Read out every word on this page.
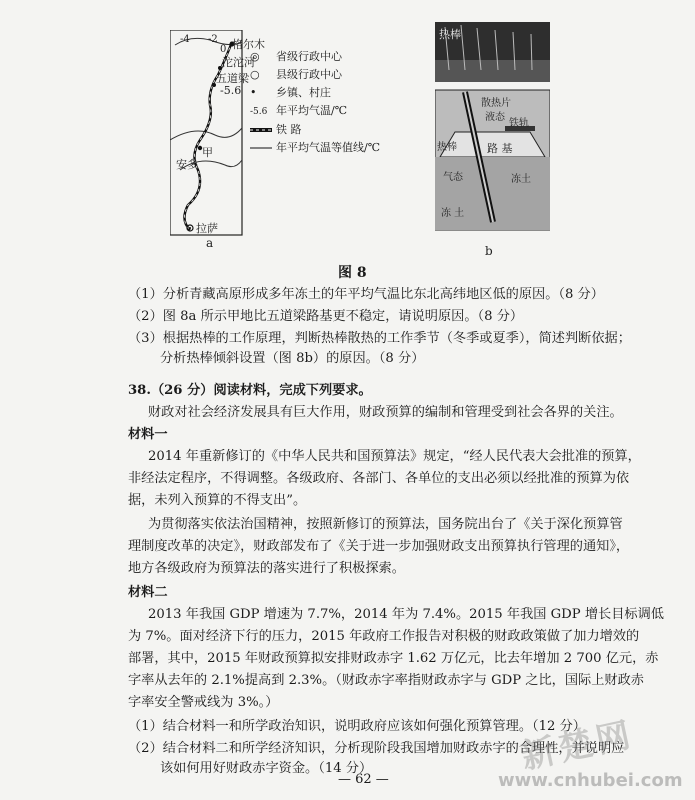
-4 -2
0 格尔木
沱沱河
五道梁
-5.6
安多
甲
拉萨
◎ 省级行政中心
○ 县级行政中心
• 乡镇、村庄
-5.6 年平均气温/℃
铁 路
年平均气温等值线/℃
a
热棒
散热片
液态
铁轨
热棒	路 基
气态	冻土
冻 土
b
图 8
（1）分析青藏高原形成多年冻土的年平均气温比东北高纬地区低的原因。（8 分）
（2）图 8a 所示甲地比五道梁路基更不稳定，请说明原因。（8 分）
（3）根据热棒的工作原理，判断热棒散热的工作季节（冬季或夏季），简述判断依据；
分析热棒倾斜设置（图 8b）的原因。（8 分）
38.（26 分）阅读材料，完成下列要求。
财政对社会经济发展具有巨大作用，财政预算的编制和管理受到社会各界的关注。
材料一
2014 年重新修订的《中华人民共和国预算法》规定，“经人民代表大会批准的预算，
非经法定程序，不得调整。各级政府、各部门、各单位的支出必须以经批准的预算为依
据，未列入预算的不得支出”。
为贯彻落实依法治国精神，按照新修订的预算法，国务院出台了《关于深化预算管
理制度改革的决定》，财政部发布了《关于进一步加强财政支出预算执行管理的通知》，
地方各级政府为预算法的落实进行了积极探索。
材料二
2013 年我国 GDP 增速为 7.7%，2014 年为 7.4%。2015 年我国 GDP 增长目标调低
为 7%。面对经济下行的压力，2015 年政府工作报告对积极的财政政策做了加力增效的
部署，其中，2015 年财政预算拟安排财政赤字 1.62 万亿元，比去年增加 2 700 亿元，赤
字率从去年的 2.1%提高到 2.3%。（财政赤字率指财政赤字与 GDP 之比，国际上财政赤
字率安全警戒线为 3%。）
（1）结合材料一和所学政治知识，说明政府应该如何强化预算管理。（12 分）
（2）结合材料二和所学经济知识，分析现阶段我国增加财政赤字的合理性，并说明应
该如何用好财政赤字资金。（14 分）
— 62 —
新楚网
www.cnhubei.com
